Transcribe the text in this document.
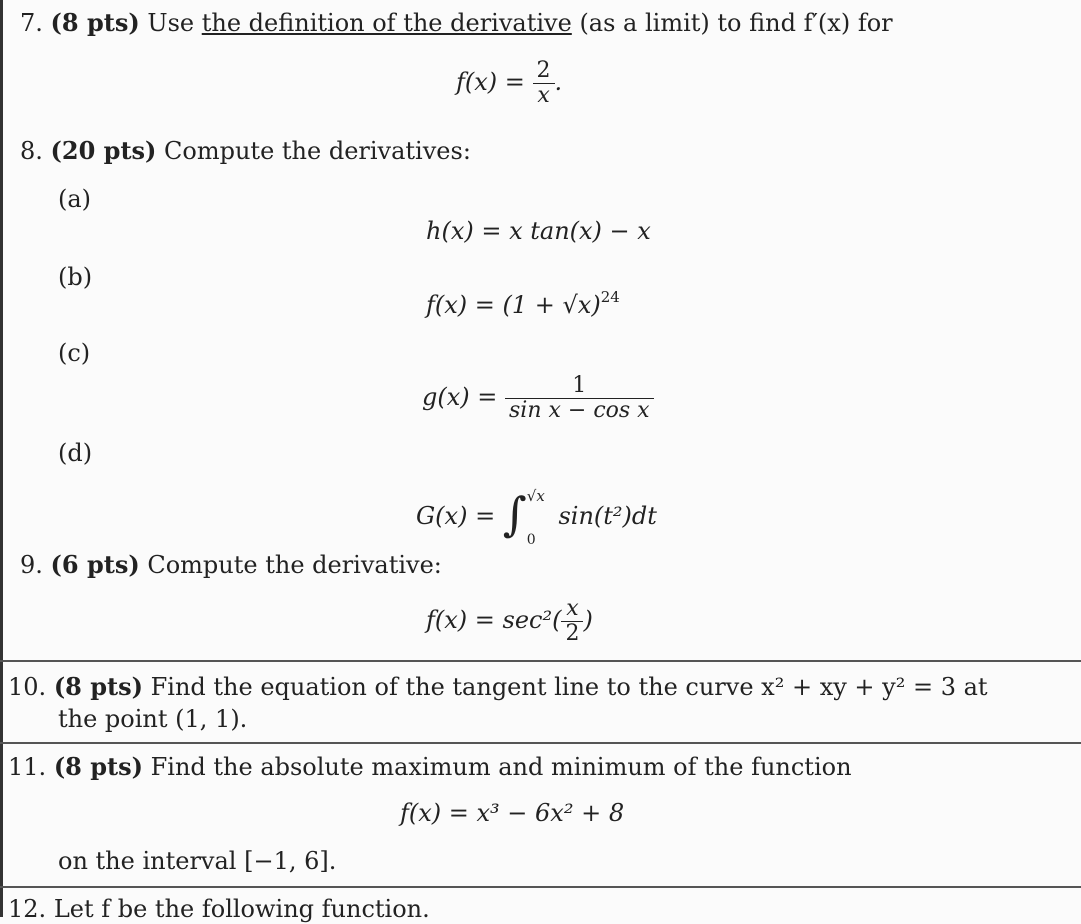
7. (8 pts) Use the definition of the derivative (as a limit) to find f′(x) for
$f(x) = \frac{2}{x}$ .
8. (20 pts) Compute the derivatives:
(a)
h(x) = x tan(x) − x
(b)
$f(x) = (1 + √x)^{24}$
(c)
$g(x) = \frac{1}{\text{sin x − cos x}}$
(d)
G(x) = ∫ √x
0
sin(t²)dt
9. (6 pts) Compute the derivative:
$f(x) = \sec^2( \frac{x}{2}$ )
10. (8 pts) Find the equation of the tangent line to the curve x² + xy + y² = 3 at
the point (1, 1).
11. (8 pts) Find the absolute maximum and minimum of the function
f(x) = x³ − 6x² + 8
on the interval [−1, 6].
12. Let f be the following function.
